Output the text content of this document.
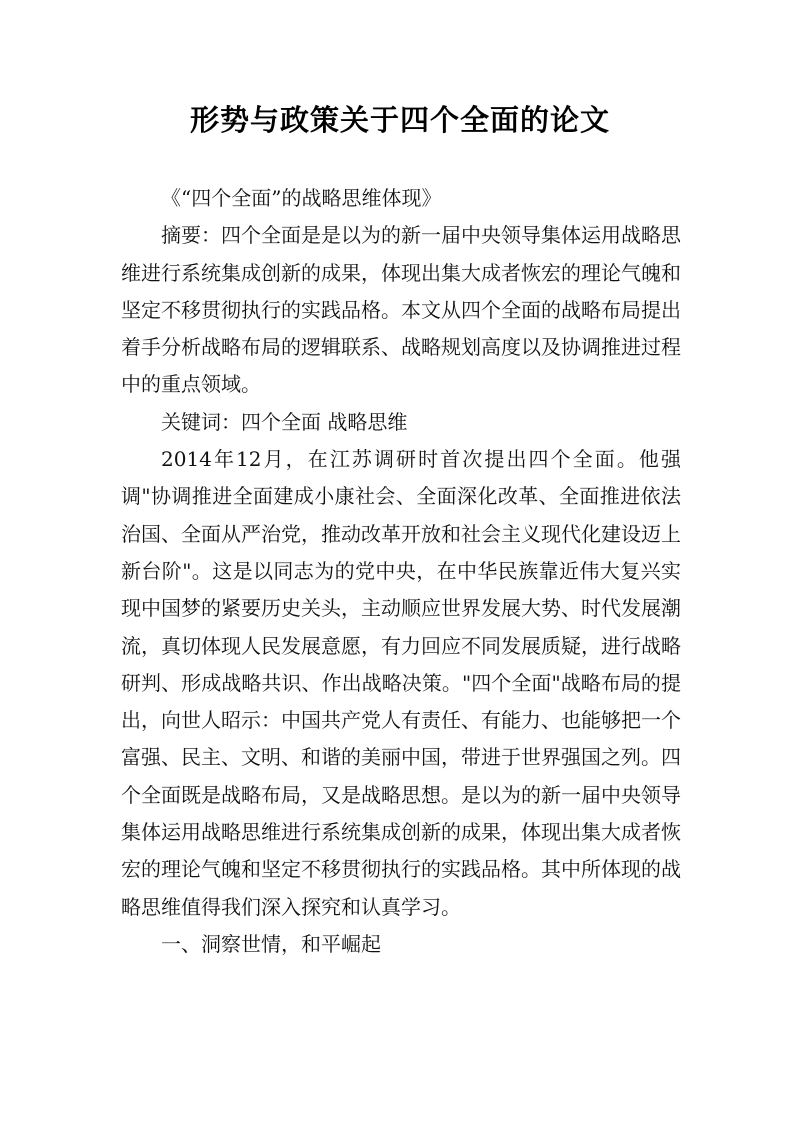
形势与政策关于四个全面的论文

《“四个全面”的战略思维体现》

摘要：四个全面是是以为的新一届中央领导集体运用战略思维进行系统集成创新的成果，体现出集大成者恢宏的理论气魄和坚定不移贯彻执行的实践品格。本文从四个全面的战略布局提出着手分析战略布局的逻辑联系、战略规划高度以及协调推进过程中的重点领域。

关键词：四个全面 战略思维

2014年12月，在江苏调研时首次提出四个全面。他强调"协调推进全面建成小康社会、全面深化改革、全面推进依法治国、全面从严治党，推动改革开放和社会主义现代化建设迈上新台阶"。这是以同志为的党中央，在中华民族靠近伟大复兴实现中国梦的紧要历史关头，主动顺应世界发展大势、时代发展潮流，真切体现人民发展意愿，有力回应不同发展质疑，进行战略研判、形成战略共识、作出战略决策。"四个全面"战略布局的提出，向世人昭示：中国共产党人有责任、有能力、也能够把一个富强、民主、文明、和谐的美丽中国，带进于世界强国之列。四个全面既是战略布局，又是战略思想。是以为的新一届中央领导集体运用战略思维进行系统集成创新的成果，体现出集大成者恢宏的理论气魄和坚定不移贯彻执行的实践品格。其中所体现的战略思维值得我们深入探究和认真学习。

一、洞察世情，和平崛起
